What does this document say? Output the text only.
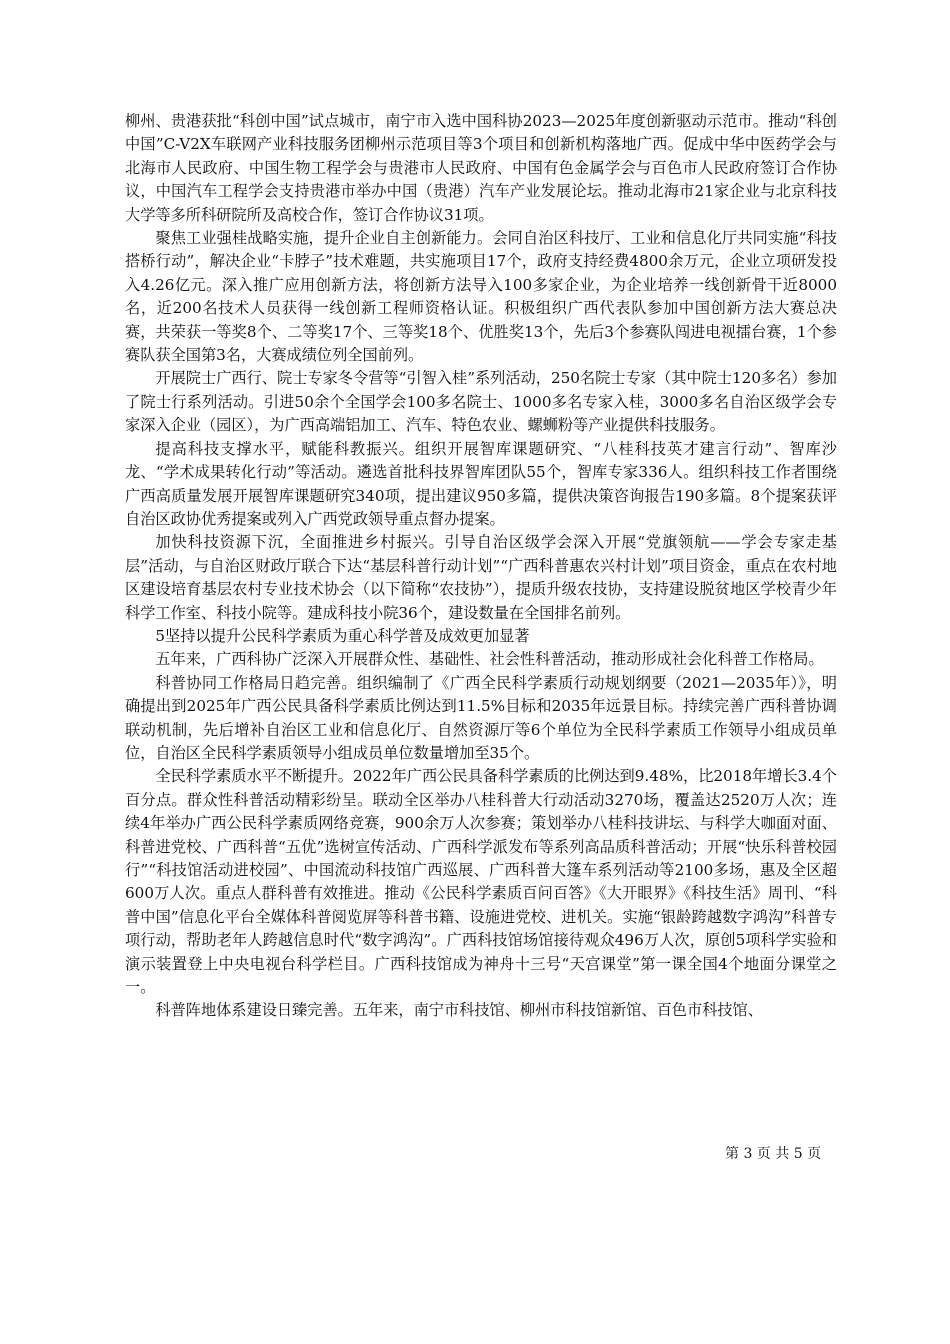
柳州、贵港获批“科创中国”试点城市，南宁市入选中国科协2023—2025年度创新驱动示范市。推动“科创中国”C-V2X车联网产业科技服务团柳州示范项目等3个项目和创新机构落地广西。促成中华中医药学会与北海市人民政府、中国生物工程学会与贵港市人民政府、中国有色金属学会与百色市人民政府签订合作协议，中国汽车工程学会支持贵港市举办中国（贵港）汽车产业发展论坛。推动北海市21家企业与北京科技大学等多所科研院所及高校合作，签订合作协议31项。

聚焦工业强桂战略实施，提升企业自主创新能力。会同自治区科技厅、工业和信息化厅共同实施“科技搭桥行动”，解决企业“卡脖子”技术难题，共实施项目17个，政府支持经费4800余万元，企业立项研发投入4.26亿元。深入推广应用创新方法，将创新方法导入100多家企业，为企业培养一线创新骨干近8000名，近200名技术人员获得一线创新工程师资格认证。积极组织广西代表队参加中国创新方法大赛总决赛，共荣获一等奖8个、二等奖17个、三等奖18个、优胜奖13个，先后3个参赛队闯进电视擂台赛，1个参赛队获全国第3名，大赛成绩位列全国前列。

开展院士广西行、院士专家冬令营等“引智入桂”系列活动，250名院士专家（其中院士120多名）参加了院士行系列活动。引进50余个全国学会100多名院士、1000多名专家入桂，3000多名自治区级学会专家深入企业（园区），为广西高端铝加工、汽车、特色农业、螺蛳粉等产业提供科技服务。

提高科技支撑水平，赋能科教振兴。组织开展智库课题研究、“八桂科技英才建言行动”、智库沙龙、“学术成果转化行动”等活动。遴选首批科技界智库团队55个，智库专家336人。组织科技工作者围绕广西高质量发展开展智库课题研究340项，提出建议950多篇，提供决策咨询报告190多篇。8个提案获评自治区政协优秀提案或列入广西党政领导重点督办提案。

加快科技资源下沉，全面推进乡村振兴。引导自治区级学会深入开展“党旗领航——学会专家走基层”活动，与自治区财政厅联合下达“基层科普行动计划”“广西科普惠农兴村计划”项目资金，重点在农村地区建设培育基层农村专业技术协会（以下简称“农技协”），提质升级农技协，支持建设脱贫地区学校青少年科学工作室、科技小院等。建成科技小院36个，建设数量在全国排名前列。

5坚持以提升公民科学素质为重心科学普及成效更加显著

五年来，广西科协广泛深入开展群众性、基础性、社会性科普活动，推动形成社会化科普工作格局。

科普协同工作格局日趋完善。组织编制了《广西全民科学素质行动规划纲要（2021—2035年）》，明确提出到2025年广西公民具备科学素质比例达到11.5%目标和2035年远景目标。持续完善广西科普协调联动机制，先后增补自治区工业和信息化厅、自然资源厅等6个单位为全民科学素质工作领导小组成员单位，自治区全民科学素质领导小组成员单位数量增加至35个。

全民科学素质水平不断提升。2022年广西公民具备科学素质的比例达到9.48%，比2018年增长3.4个百分点。群众性科普活动精彩纷呈。联动全区举办八桂科普大行动活动3270场，覆盖达2520万人次；连续4年举办广西公民科学素质网络竞赛，900余万人次参赛；策划举办八桂科技讲坛、与科学大咖面对面、科普进党校、广西科普“五优”选树宣传活动、广西科学派发布等系列高品质科普活动；开展“快乐科普校园行”“科技馆活动进校园”、中国流动科技馆广西巡展、广西科普大篷车系列活动等2100多场，惠及全区超600万人次。重点人群科普有效推进。推动《公民科学素质百问百答》《大开眼界》《科技生活》周刊、“科普中国”信息化平台全媒体科普阅览屏等科普书籍、设施进党校、进机关。实施“银龄跨越数字鸿沟”科普专项行动，帮助老年人跨越信息时代“数字鸿沟”。广西科技馆场馆接待观众496万人次，原创5项科学实验和演示装置登上中央电视台科学栏目。广西科技馆成为神舟十三号“天宫课堂”第一课全国4个地面分课堂之一。

科普阵地体系建设日臻完善。五年来，南宁市科技馆、柳州市科技馆新馆、百色市科技馆、

第 3 页 共 5 页
